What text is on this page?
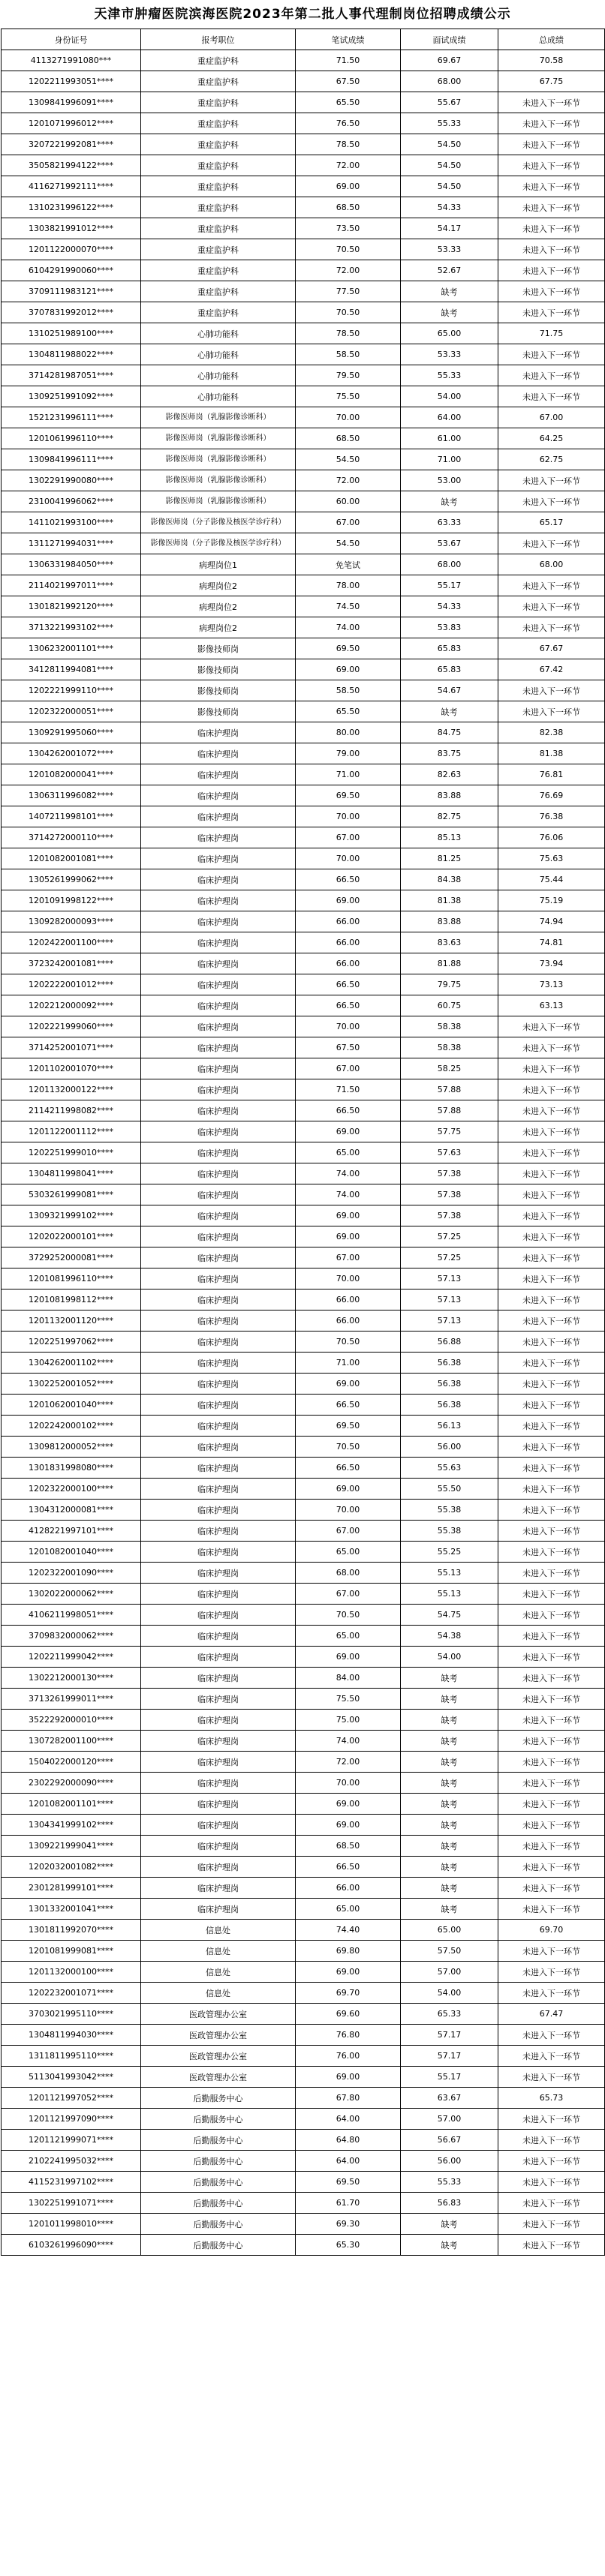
天津市肿瘤医院滨海医院2023年第二批人事代理制岗位招聘成绩公示
身份证号	报考职位	笔试成绩	面试成绩	总成绩
4113271991080***	重症监护科	71.50	69.67	70.58
1202211993051****	重症监护科	67.50	68.00	67.75
1309841996091****	重症监护科	65.50	55.67	未进入下一环节
1201071996012****	重症监护科	76.50	55.33	未进入下一环节
3207221992081****	重症监护科	78.50	54.50	未进入下一环节
3505821994122****	重症监护科	72.00	54.50	未进入下一环节
4116271992111****	重症监护科	69.00	54.50	未进入下一环节
1310231996122****	重症监护科	68.50	54.33	未进入下一环节
1303821991012****	重症监护科	73.50	54.17	未进入下一环节
1201122000070****	重症监护科	70.50	53.33	未进入下一环节
6104291990060****	重症监护科	72.00	52.67	未进入下一环节
3709111983121****	重症监护科	77.50	缺考	未进入下一环节
3707831992012****	重症监护科	70.50	缺考	未进入下一环节
1310251989100****	心肺功能科	78.50	65.00	71.75
1304811988022****	心肺功能科	58.50	53.33	未进入下一环节
3714281987051****	心肺功能科	79.50	55.33	未进入下一环节
1309251991092****	心肺功能科	75.50	54.00	未进入下一环节
1521231996111****	影像医师岗（乳腺影像诊断科）	70.00	64.00	67.00
1201061996110****	影像医师岗（乳腺影像诊断科）	68.50	61.00	64.25
1309841996111****	影像医师岗（乳腺影像诊断科）	54.50	71.00	62.75
1302291990080****	影像医师岗（乳腺影像诊断科）	72.00	53.00	未进入下一环节
2310041996062****	影像医师岗（乳腺影像诊断科）	60.00	缺考	未进入下一环节
1411021993100****	影像医师岗（分子影像及核医学诊疗科）	67.00	63.33	65.17
1311271994031****	影像医师岗（分子影像及核医学诊疗科）	54.50	53.67	未进入下一环节
1306331984050****	病理岗位1	免笔试	68.00	68.00
2114021997011****	病理岗位2	78.00	55.17	未进入下一环节
1301821992120****	病理岗位2	74.50	54.33	未进入下一环节
3713221993102****	病理岗位2	74.00	53.83	未进入下一环节
1306232001101****	影像技师岗	69.50	65.83	67.67
3412811994081****	影像技师岗	69.00	65.83	67.42
1202221999110****	影像技师岗	58.50	54.67	未进入下一环节
1202322000051****	影像技师岗	65.50	缺考	未进入下一环节
1309291995060****	临床护理岗	80.00	84.75	82.38
1304262001072****	临床护理岗	79.00	83.75	81.38
1201082000041****	临床护理岗	71.00	82.63	76.81
1306311996082****	临床护理岗	69.50	83.88	76.69
1407211998101****	临床护理岗	70.00	82.75	76.38
3714272000110****	临床护理岗	67.00	85.13	76.06
1201082001081****	临床护理岗	70.00	81.25	75.63
1305261999062****	临床护理岗	66.50	84.38	75.44
1201091998122****	临床护理岗	69.00	81.38	75.19
1309282000093****	临床护理岗	66.00	83.88	74.94
1202422001100****	临床护理岗	66.00	83.63	74.81
3723242001081****	临床护理岗	66.00	81.88	73.94
1202222001012****	临床护理岗	66.50	79.75	73.13
1202212000092****	临床护理岗	66.50	60.75	63.13
1202221999060****	临床护理岗	70.00	58.38	未进入下一环节
3714252001071****	临床护理岗	67.50	58.38	未进入下一环节
1201102001070****	临床护理岗	67.00	58.25	未进入下一环节
1201132000122****	临床护理岗	71.50	57.88	未进入下一环节
2114211998082****	临床护理岗	66.50	57.88	未进入下一环节
1201122001112****	临床护理岗	69.00	57.75	未进入下一环节
1202251999010****	临床护理岗	65.00	57.63	未进入下一环节
1304811998041****	临床护理岗	74.00	57.38	未进入下一环节
5303261999081****	临床护理岗	74.00	57.38	未进入下一环节
1309321999102****	临床护理岗	69.00	57.38	未进入下一环节
1202022000101****	临床护理岗	69.00	57.25	未进入下一环节
3729252000081****	临床护理岗	67.00	57.25	未进入下一环节
1201081996110****	临床护理岗	70.00	57.13	未进入下一环节
1201081998112****	临床护理岗	66.00	57.13	未进入下一环节
1201132001120****	临床护理岗	66.00	57.13	未进入下一环节
1202251997062****	临床护理岗	70.50	56.88	未进入下一环节
1304262001102****	临床护理岗	71.00	56.38	未进入下一环节
1302252001052****	临床护理岗	69.00	56.38	未进入下一环节
1201062001040****	临床护理岗	66.50	56.38	未进入下一环节
1202242000102****	临床护理岗	69.50	56.13	未进入下一环节
1309812000052****	临床护理岗	70.50	56.00	未进入下一环节
1301831998080****	临床护理岗	66.50	55.63	未进入下一环节
1202322000100****	临床护理岗	69.00	55.50	未进入下一环节
1304312000081****	临床护理岗	70.00	55.38	未进入下一环节
4128221997101****	临床护理岗	67.00	55.38	未进入下一环节
1201082001040****	临床护理岗	65.00	55.25	未进入下一环节
1202322001090****	临床护理岗	68.00	55.13	未进入下一环节
1302022000062****	临床护理岗	67.00	55.13	未进入下一环节
4106211998051****	临床护理岗	70.50	54.75	未进入下一环节
3709832000062****	临床护理岗	65.00	54.38	未进入下一环节
1202211999042****	临床护理岗	69.00	54.00	未进入下一环节
1302212000130****	临床护理岗	84.00	缺考	未进入下一环节
3713261999011****	临床护理岗	75.50	缺考	未进入下一环节
3522292000010****	临床护理岗	75.00	缺考	未进入下一环节
1307282001100****	临床护理岗	74.00	缺考	未进入下一环节
1504022000120****	临床护理岗	72.00	缺考	未进入下一环节
2302292000090****	临床护理岗	70.00	缺考	未进入下一环节
1201082001101****	临床护理岗	69.00	缺考	未进入下一环节
1304341999102****	临床护理岗	69.00	缺考	未进入下一环节
1309221999041****	临床护理岗	68.50	缺考	未进入下一环节
1202032001082****	临床护理岗	66.50	缺考	未进入下一环节
2301281999101****	临床护理岗	66.00	缺考	未进入下一环节
1301332001041****	临床护理岗	65.00	缺考	未进入下一环节
1301811992070****	信息处	74.40	65.00	69.70
1201081999081****	信息处	69.80	57.50	未进入下一环节
1201132000100****	信息处	69.00	57.00	未进入下一环节
1202232001071****	信息处	69.70	54.00	未进入下一环节
3703021995110****	医政管理办公室	69.60	65.33	67.47
1304811994030****	医政管理办公室	76.80	57.17	未进入下一环节
1311811995110****	医政管理办公室	76.00	57.17	未进入下一环节
5113041993042****	医政管理办公室	69.00	55.17	未进入下一环节
1201121997052****	后勤服务中心	67.80	63.67	65.73
1201121997090****	后勤服务中心	64.00	57.00	未进入下一环节
1201121999071****	后勤服务中心	64.80	56.67	未进入下一环节
2102241995032****	后勤服务中心	64.00	56.00	未进入下一环节
4115231997102****	后勤服务中心	69.50	55.33	未进入下一环节
1302251991071****	后勤服务中心	61.70	56.83	未进入下一环节
1201011998010****	后勤服务中心	69.30	缺考	未进入下一环节
6103261996090****	后勤服务中心	65.30	缺考	未进入下一环节
